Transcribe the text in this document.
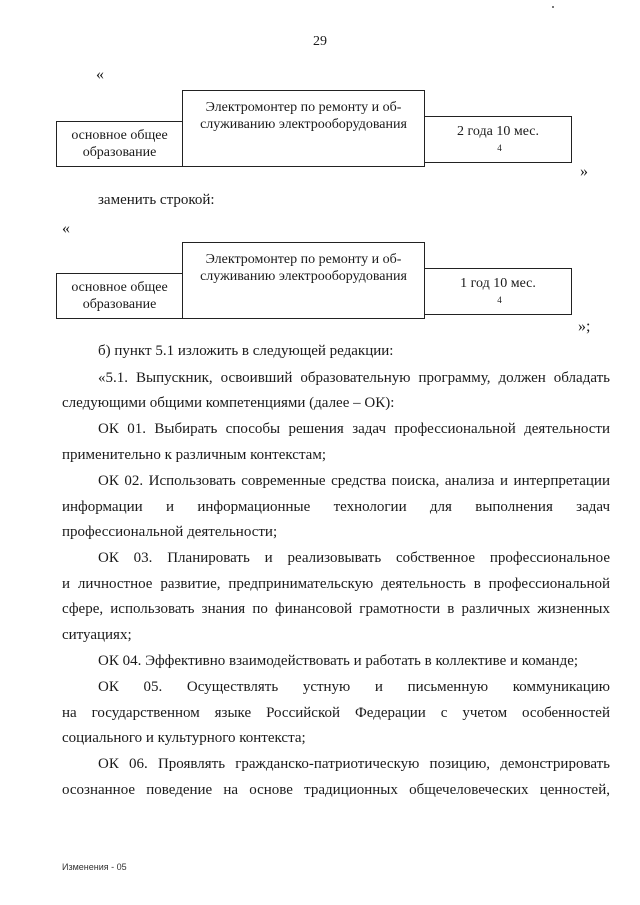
29
«
основное общее
образование
Электромонтер по ремонту и об-
служиванию электрооборудования	2 года 10 мес.
4
»
заменить строкой:
«
основное общее
образование
Электромонтер по ремонту и об-
служиванию электрооборудования	1 год 10 мес.
4
»;
б) пункт 5.1 изложить в следующей редакции:
«5.1. Выпускник, освоивший образовательную программу, должен обладать
следующими общими компетенциями (далее – ОК):
ОК 01. Выбирать способы решения задач профессиональной деятельности
применительно к различным контекстам;
ОК 02. Использовать современные средства поиска, анализа и интерпретации
информации и информационные технологии для выполнения задач
профессиональной деятельности;
ОК 03. Планировать и реализовывать собственное профессиональное
и личностное развитие, предпринимательскую деятельность в профессиональной
сфере, использовать знания по финансовой грамотности в различных жизненных
ситуациях;
ОК 04. Эффективно взаимодействовать и работать в коллективе и команде;
ОК 05. Осуществлять устную и письменную коммуникацию
на государственном языке Российской Федерации с учетом особенностей
социального и культурного контекста;
ОК 06. Проявлять гражданско-патриотическую позицию, демонстрировать
осознанное поведение на основе традиционных общечеловеческих ценностей,
Изменения - 05
